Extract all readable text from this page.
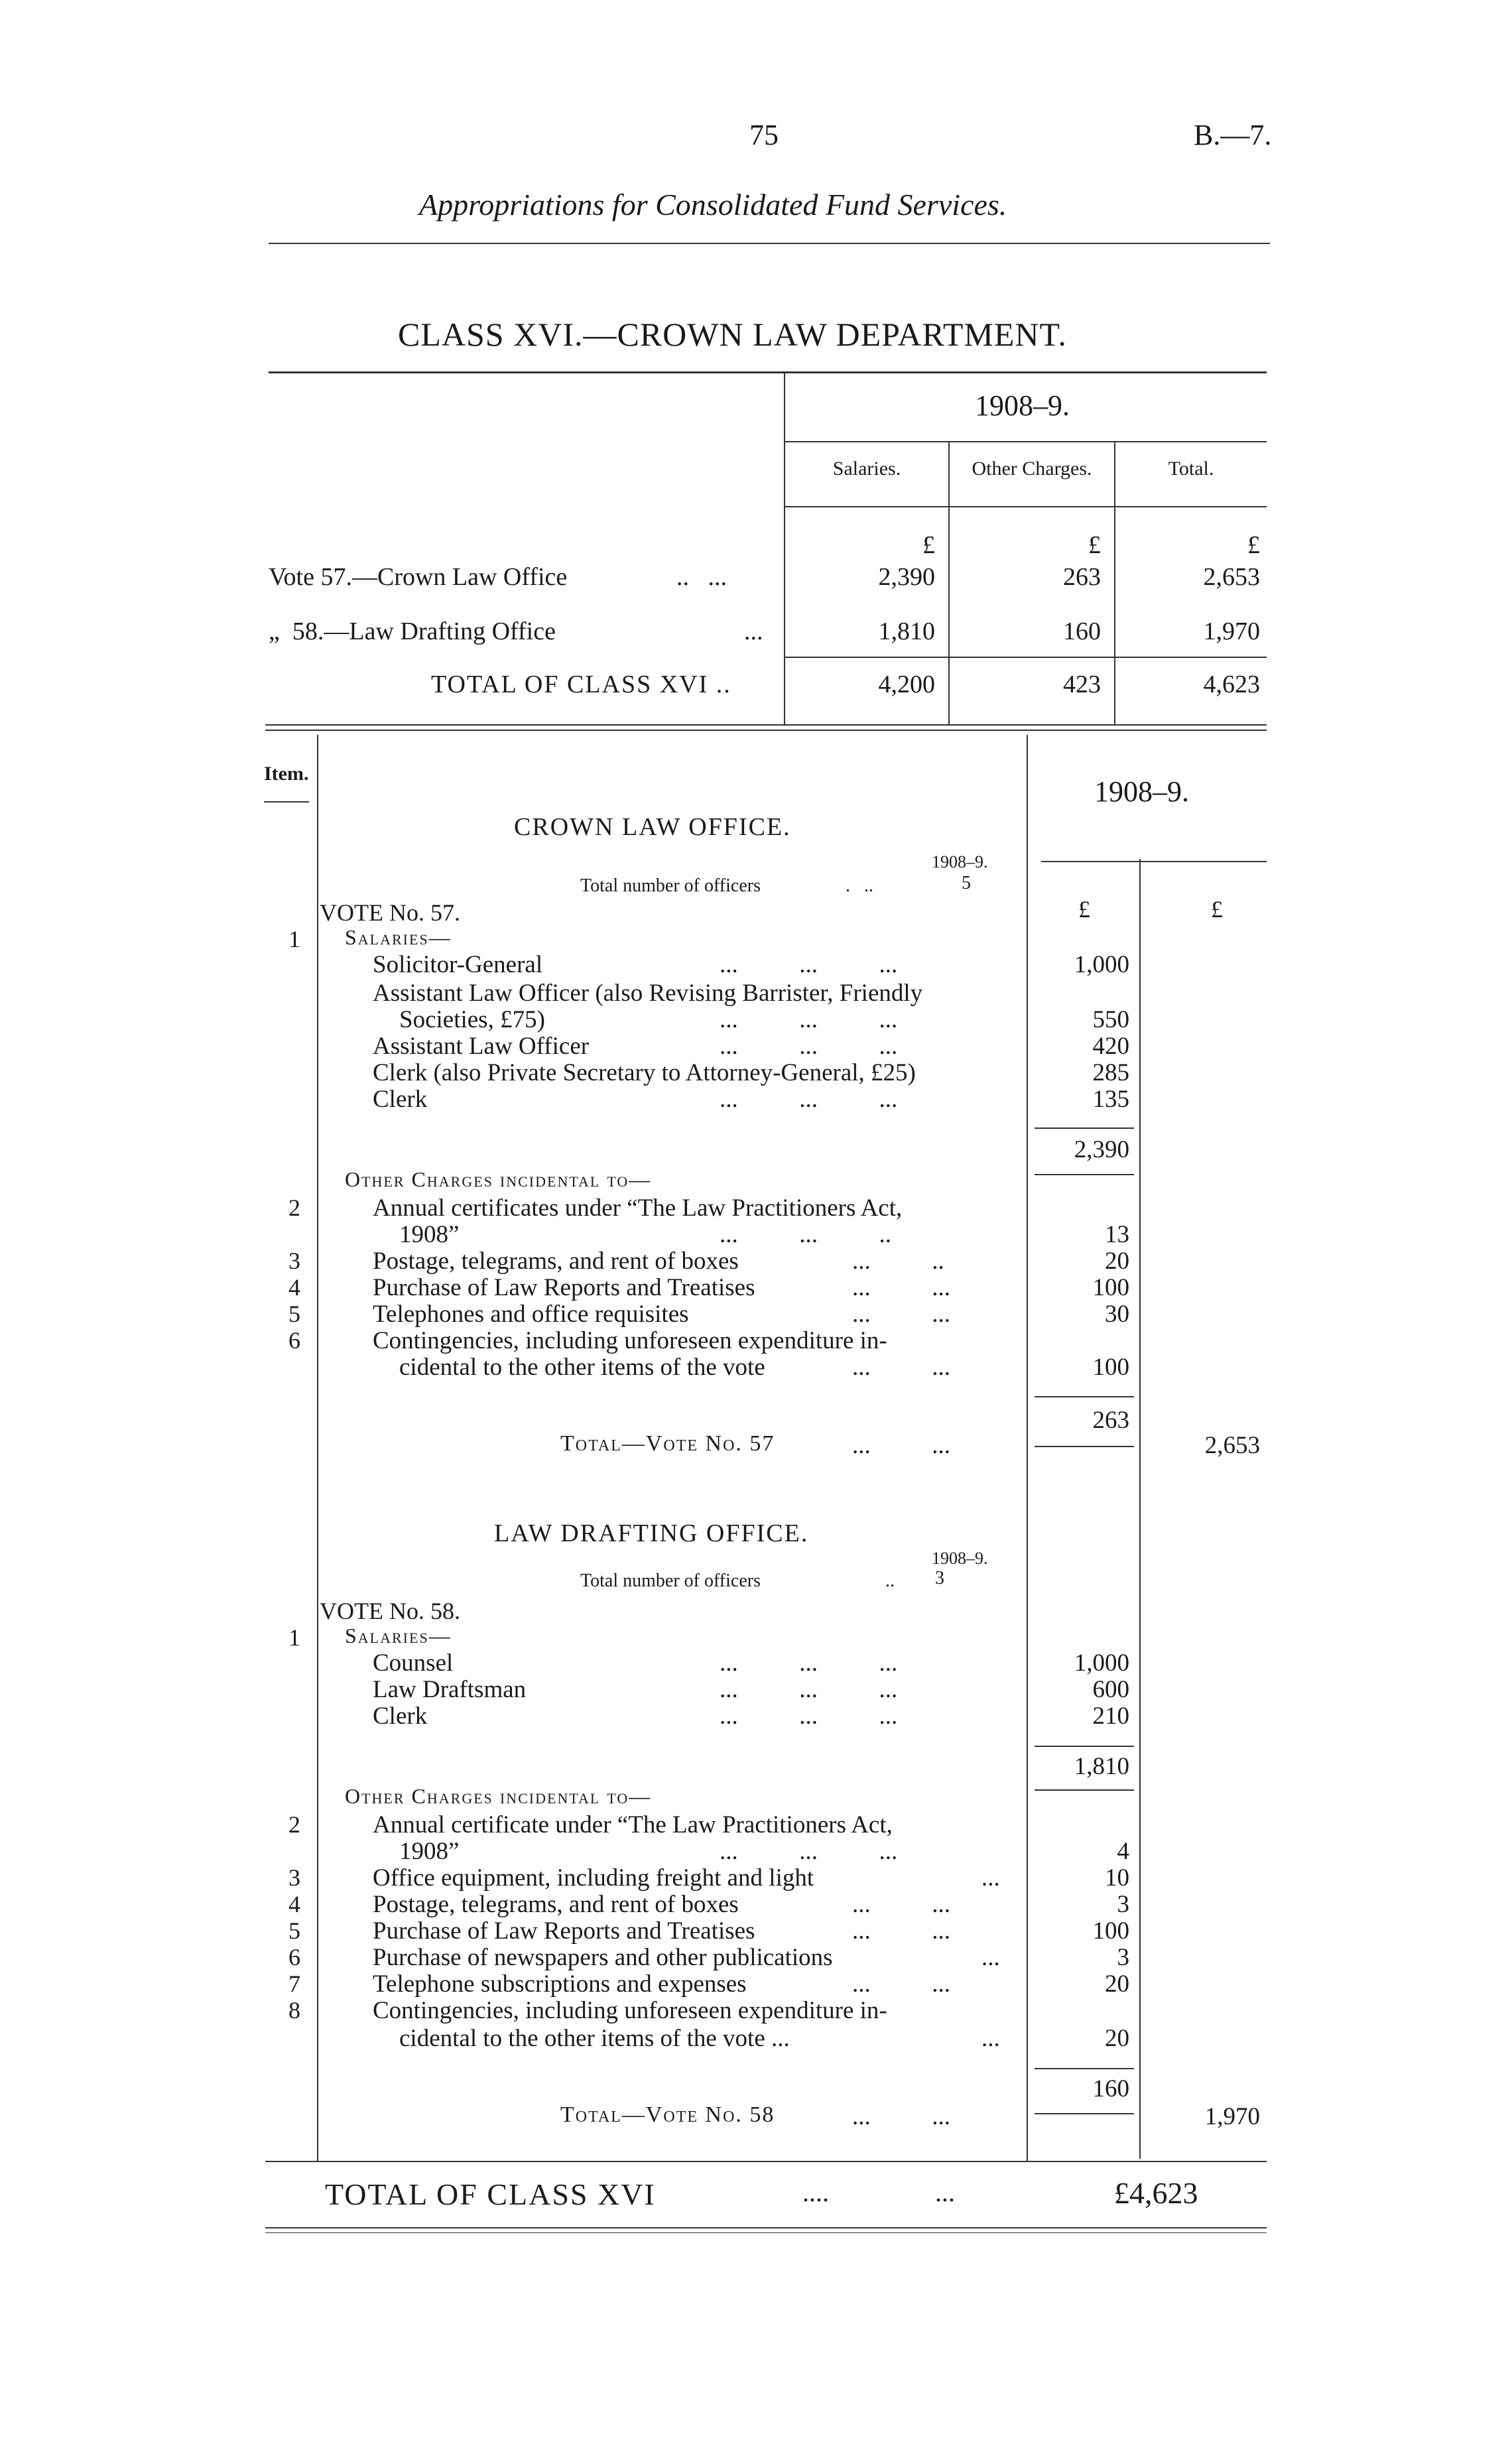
75	B.—7.
Appropriations for Consolidated Fund Services.
CLASS XVI.—CROWN LAW DEPARTMENT.
1908–9.
Salaries.	Other Charges.	Total.
£	£	£
Vote 57.—Crown Law Office	..   ...	2,390	263	2,653
„  58.—Law Drafting Office	...	1,810	160	1,970
TOTAL OF CLASS XVI ..	4,200	423	4,623
Item.
1908–9.
£	£
CROWN LAW OFFICE.
1908–9.
Total number of officers	.   ..	5
VOTE No. 57.
1 Salaries—
Solicitor-General	...          ...          ...	1,000
Assistant Law Officer (also Revising Barrister, Friendly
Societies, £75)	...          ...          ...	550
Assistant Law Officer	...          ...          ...	420
Clerk (also Private Secretary to Attorney-General, £25)	285
Clerk	...          ...          ...	135
2,390
Other Charges incidental to—
2	Annual certificates under “The Law Practitioners Act,
1908”	...          ...          ..	13
3	Postage, telegrams, and rent of boxes	...          ..	20
4	Purchase of Law Reports and Treatises	...          ...	100
5	Telephones and office requisites	...          ...	30
6	Contingencies, including unforeseen expenditure in-
cidental to the other items of the vote	...          ...	100
263
Total—Vote No. 57	...          ...	2,653
LAW DRAFTING OFFICE.
1908–9.
Total number of officers	.. 3
VOTE No. 58.
1 Salaries—
Counsel	...          ...          ...	1,000
Law Draftsman	...          ...          ...	600
Clerk	...          ...          ...	210
1,810
Other Charges incidental to—
2	Annual certificate under “The Law Practitioners Act,
1908”	...          ...          ...	4
3	Office equipment, including freight and light	...	10
4	Postage, telegrams, and rent of boxes	...          ...	3
5	Purchase of Law Reports and Treatises	...          ...	100
6	Purchase of newspapers and other publications	...	3
7	Telephone subscriptions and expenses	...          ...	20
8	Contingencies, including unforeseen expenditure in-
cidental to the other items of the vote ...	...	20
160
Total—Vote No. 58	...          ...	1,970
TOTAL OF CLASS XVI	....                ...	£4,623
